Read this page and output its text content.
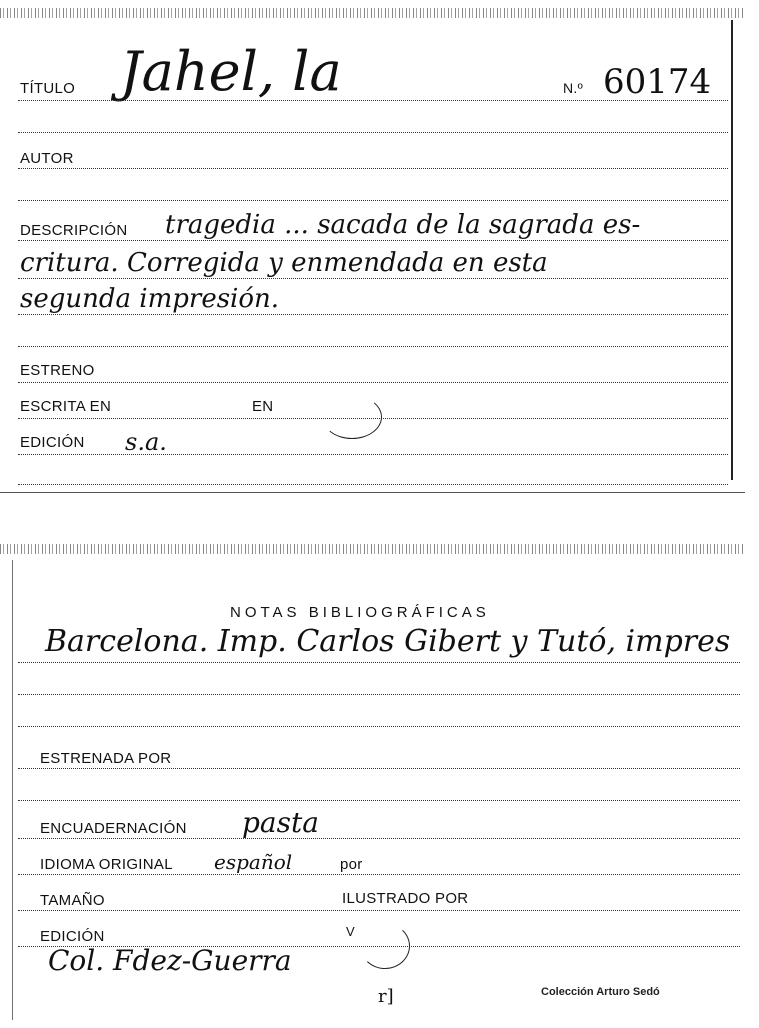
TÍTULO Jahel, la	N.º 60174
AUTOR
DESCRIPCIÓN tragedia ... sacada de la sagrada es-
critura. Corregida y enmendada en esta
segunda impresión.
ESTRENO
ESCRITA EN	EN
EDICIÓN s.a.
NOTAS BIBLIOGRÁFICAS
Barcelona. Imp. Carlos Gibert y Tutó, impres
ESTRENADA POR
ENCUADERNACIÓN pasta
IDIOMA ORIGINAL español	por
TAMAÑO	ILUSTRADO POR
EDICIÓN	V
Col. Fdez-Guerra
Colección Arturo Sedó
r]
